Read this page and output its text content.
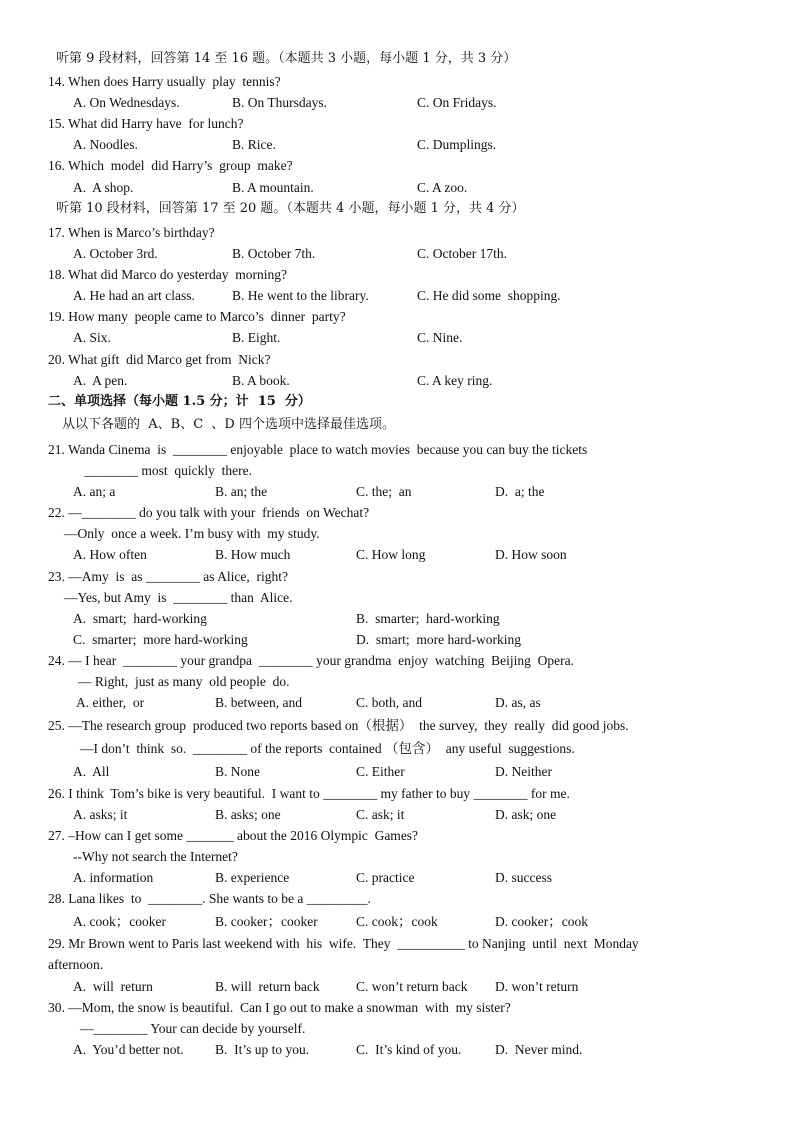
听第 9 段材料，回答第 14 至 16 题。（本题共 3 小题，每小题 1 分，共 3 分）
14. When does Harry usually  play  tennis?
A. On Wednesdays.	B. On Thursdays.	C. On Fridays.
15. What did Harry have  for lunch?
A. Noodles.	B. Rice.	C. Dumplings.
16. Which  model  did Harry’s  group  make?
A.  A shop.	B. A mountain.	C. A zoo.
听第 10 段材料，回答第 17 至 20 题。（本题共 4 小题，每小题 1 分，共 4 分）
17. When is Marco’s birthday?
A. October 3rd.	B. October 7th.	C. October 17th.
18. What did Marco do yesterday  morning?
A. He had an art class.	B. He went to the library.	C. He did some  shopping.
19. How many  people came to Marco’s  dinner  party?
A. Six.	B. Eight.	C. Nine.
20. What gift  did Marco get from  Nick?
A.  A pen.	B. A book.	C. A key ring.
二、单项选择（每小题 1.5 分；计  15  分）
从以下各题的  A、B、C  、D 四个选项中选择最佳选项。
21. Wanda Cinema  is  ________ enjoyable  place to watch movies  because you can buy the tickets
________ most  quickly  there.
A. an; a	B. an; the	C. the;  an	D.  a; the
22. —________ do you talk with your  friends  on Wechat?
—Only  once a week. I’m busy with  my study.
A. How often	B. How much	C. How long	D. How soon
23. —Amy  is  as ________ as Alice,  right?
—Yes, but Amy  is  ________ than  Alice.
A.  smart;  hard-working	B.  smarter;  hard-working
C.  smarter;  more hard-working	D.  smart;  more hard-working
24. — I hear  ________ your grandpa  ________ your grandma  enjoy  watching  Beijing  Opera.
— Right,  just as many  old people  do.
A. either,  or	B. between, and	C. both, and	D. as, as
25. —The research group  produced two reports based on（根据）  the survey,  they  really  did good jobs.
—I don’t  think  so.  ________ of the reports  contained （包含）  any useful  suggestions.
A.  All	B. None	C. Either	D. Neither
26. I think  Tom’s bike is very beautiful.  I want to ________ my father to buy ________ for me.
A. asks; it	B. asks; one	C. ask; it	D. ask; one
27. –How can I get some _______ about the 2016 Olympic  Games?
--Why not search the Internet?
A. information	B. experience	C. practice	D. success
28. Lana likes  to  ________. She wants to be a _________.
A. cook；cooker	B. cooker；cooker	C. cook；cook	D. cooker；cook
29. Mr Brown went to Paris last weekend with  his  wife.  They  __________ to Nanjing  until  next  Monday
afternoon.
A.  will  return	B. will  return back	C. won’t return back D. won’t return
30. —Mom, the snow is beautiful.  Can I go out to make a snowman  with  my sister?
—________ Your can decide by yourself.
A.  You’d better not. B.  It’s up to you.	C.  It’s kind of you. D.  Never mind.
